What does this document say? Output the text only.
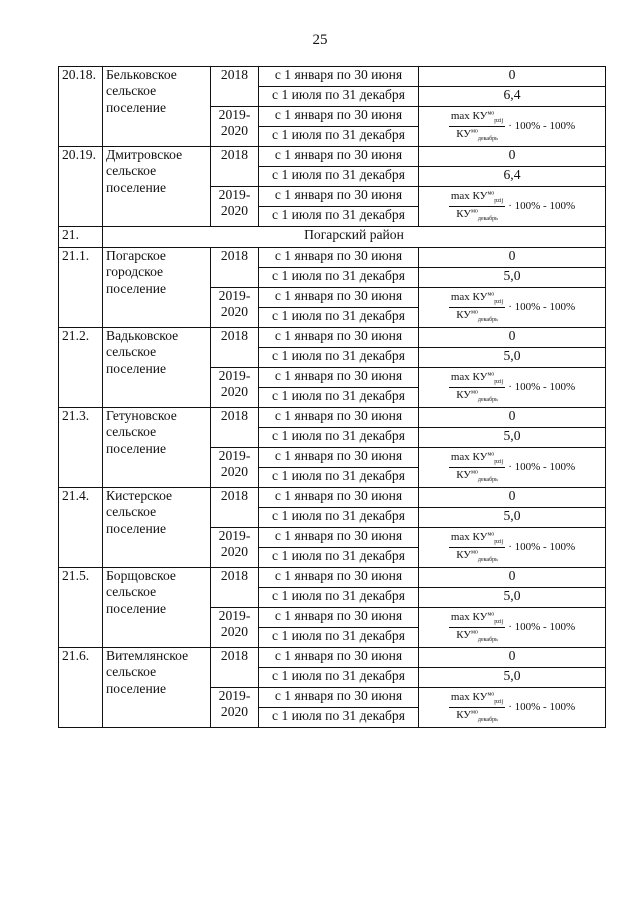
25
20.18.	Бельковское сельское поселение	2018	с 1 января по 30 июня	0
			с 1 июля по 31 декабря	6,4
		2019-2020	с 1 января по 30 июня	$\frac{\max КУ^{мо}_{pzij}}{КУ^{мо}_{декабрь}} \cdot 100\% - 100\%$

			с 1 июля по 31 декабря	
20.19.	Дмитровское сельское поселение	2018	с 1 января по 30 июня	0
			с 1 июля по 31 декабря	6,4
		2019-2020	с 1 января по 30 июня	$\frac{\max КУ^{мо}_{pzij}}{КУ^{мо}_{декабрь}} \cdot 100\% - 100\%$

			с 1 июля по 31 декабря	
21.	Погарский район			
21.1.	Погарское городское поселение	2018	с 1 января по 30 июня	0
			с 1 июля по 31 декабря	5,0
		2019-2020	с 1 января по 30 июня	$\frac{\max КУ^{мо}_{pzij}}{КУ^{мо}_{декабрь}} \cdot 100\% - 100\%$

			с 1 июля по 31 декабря	
21.2.	Вадьковское сельское поселение	2018	с 1 января по 30 июня	0
			с 1 июля по 31 декабря	5,0
		2019-2020	с 1 января по 30 июня	$\frac{\max КУ^{мо}_{pzij}}{КУ^{мо}_{декабрь}} \cdot 100\% - 100\%$

			с 1 июля по 31 декабря	
21.3.	Гетуновское сельское поселение	2018	с 1 января по 30 июня	0
			с 1 июля по 31 декабря	5,0
		2019-2020	с 1 января по 30 июня	$\frac{\max КУ^{мо}_{pzij}}{КУ^{мо}_{декабрь}} \cdot 100\% - 100\%$

			с 1 июля по 31 декабря	
21.4.	Кистерское сельское поселение	2018	с 1 января по 30 июня	0
			с 1 июля по 31 декабря	5,0
		2019-2020	с 1 января по 30 июня	$\frac{\max КУ^{мо}_{pzij}}{КУ^{мо}_{декабрь}} \cdot 100\% - 100\%$

			с 1 июля по 31 декабря	
21.5.	Борщовское сельское поселение	2018	с 1 января по 30 июня	0
			с 1 июля по 31 декабря	5,0
		2019-2020	с 1 января по 30 июня	$\frac{\max КУ^{мо}_{pzij}}{КУ^{мо}_{декабрь}} \cdot 100\% - 100\%$

			с 1 июля по 31 декабря	
21.6.	Витемлянское сельское поселение	2018	с 1 января по 30 июня	0
			с 1 июля по 31 декабря	5,0
		2019-2020	с 1 января по 30 июня	$\frac{\max КУ^{мо}_{pzij}}{КУ^{мо}_{декабрь}} \cdot 100\% - 100\%$

			с 1 июля по 31 декабря	
